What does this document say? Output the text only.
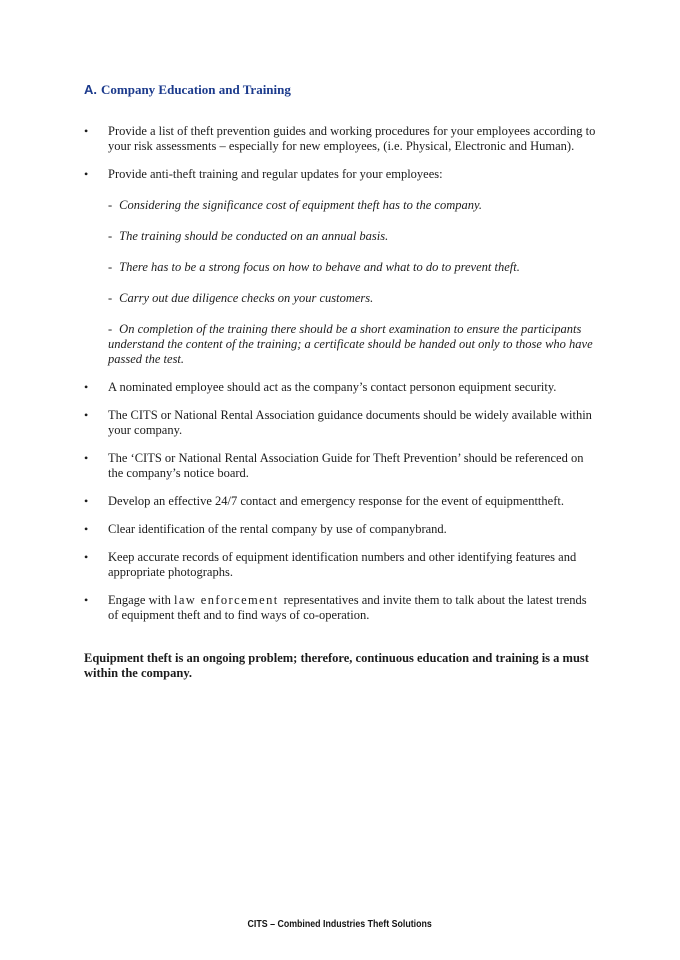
A. Company Education and Training
•	Provide a list of theft prevention guides and working procedures for your employees according to your risk assessments – especially for new employees, (i.e. Physical, Electronic and Human).
•	Provide anti-theft training and regular updates for your employees:
- Considering the significance cost of equipment theft has to the company.
- The training should be conducted on an annual basis.
- There has to be a strong focus on how to behave and what to do to prevent theft.
- Carry out due diligence checks on your customers.
- On completion of the training there should be a short examination to ensure the participants understand the content of the training; a certificate should be handed out only to those who have passed the test.
•	A nominated employee should act as the company’s contact personon equipment security.
•	The CITS or National Rental Association guidance documents should be widely available within your company.
•	The ‘CITS or National Rental Association Guide for Theft Prevention’ should be referenced on the company’s notice board.
•	Develop an effective 24/7 contact and emergency response for the event of equipmenttheft.
•	Clear identification of the rental company by use of companybrand.
•	Keep accurate records of equipment identification numbers and other identifying features and appropriate photographs.
•	Engage with law enforcement representatives and invite them to talk about the latest trends of equipment theft and to find ways of co-operation.
Equipment theft is an ongoing problem; therefore, continuous education and training is a must within the company.
CITS – Combined Industries Theft Solutions
